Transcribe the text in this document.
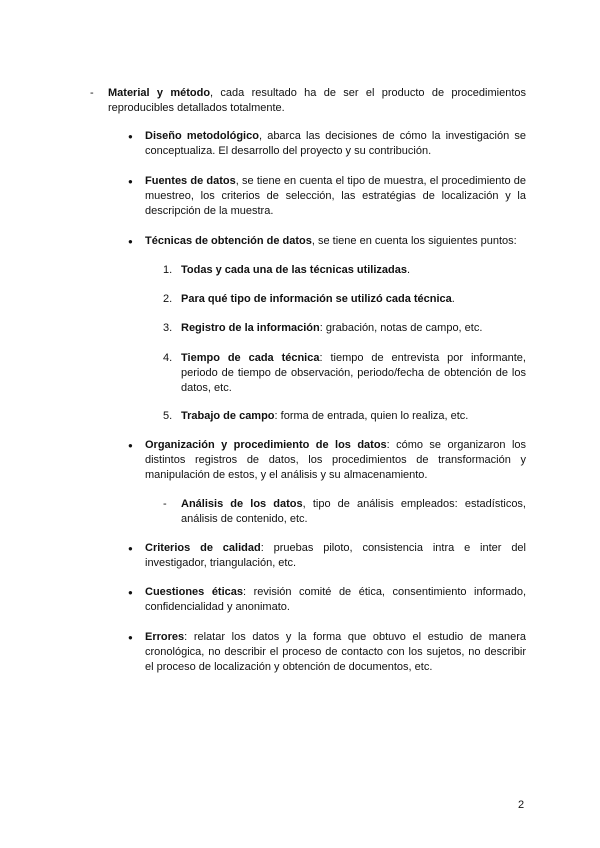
- Material y método, cada resultado ha de ser el producto de procedimientos reproducibles detallados totalmente.
● Diseño metodológico, abarca las decisiones de cómo la investigación se conceptualiza. El desarrollo del proyecto y su contribución.
● Fuentes de datos, se tiene en cuenta el tipo de muestra, el procedimiento de muestreo, los criterios de selección, las estratégias de localización y la descripción de la muestra.
● Técnicas de obtención de datos, se tiene en cuenta los siguientes puntos:
1. Todas y cada una de las técnicas utilizadas.
2. Para qué tipo de información se utilizó cada técnica.
3. Registro de la información: grabación, notas de campo, etc.
4. Tiempo de cada técnica: tiempo de entrevista por informante, periodo de tiempo de observación, periodo/fecha de obtención de los datos, etc.
5. Trabajo de campo: forma de entrada, quien lo realiza, etc.
● Organización y procedimiento de los datos: cómo se organizaron los distintos registros de datos, los procedimientos de transformación y manipulación de estos, y el análisis y su almacenamiento.
- Análisis de los datos, tipo de análisis empleados: estadísticos, análisis de contenido, etc.
● Criterios de calidad: pruebas piloto, consistencia intra e inter del investigador, triangulación, etc.
● Cuestiones éticas: revisión comité de ética, consentimiento informado, confidencialidad y anonimato.
● Errores: relatar los datos y la forma que obtuvo el estudio de manera cronológica, no describir el proceso de contacto con los sujetos, no describir el proceso de localización y obtención de documentos, etc.
2
